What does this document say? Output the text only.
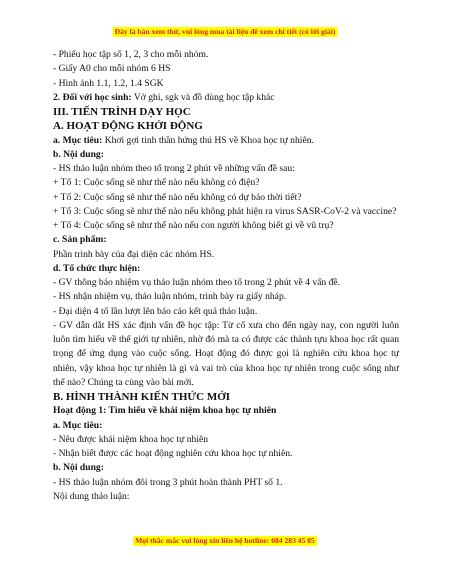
Đây là bản xem thử, vui lòng mua tài liệu để xem chi tiết (có lời giải)
- Phiếu học tập số 1, 2, 3 cho mỗi nhóm.
- Giấy A0 cho mỗi nhóm 6 HS
- Hình ảnh 1.1, 1.2, 1.4 SGK
2. Đối với học sinh: Vở ghi, sgk và đồ dùng học tập khác
III. TIẾN TRÌNH DẠY HỌC
A. HOẠT ĐỘNG KHỞI ĐỘNG
a. Mục tiêu: Khơi gợi tinh thần hứng thú HS về Khoa học tự nhiên.
b. Nội dung:
- HS thảo luận nhóm theo tổ trong 2 phút về những vấn đề sau:
+ Tổ 1: Cuộc sống sẽ như thế nào nếu không có điện?
+ Tổ 2: Cuộc sống sẽ như thế nào nếu không có dự báo thời tiết?
+ Tổ 3: Cuộc sống sẽ như thế nào nếu không phát hiện ra virus SASR-CoV-2 và vaccine?
+ Tổ 4: Cuộc sống sẽ như thế nào nếu con người không biết gì về vũ trụ?
c. Sản phẩm:
Phần trình bày của đại diện các nhóm HS.
d. Tổ chức thực hiện:
- GV thông báo nhiệm vụ thảo luận nhóm theo tổ trong 2 phút về 4 vấn đề.
- HS nhận nhiệm vụ, thảo luận nhóm, trình bày ra giấy nháp.
- Đại diện 4 tổ lần lượt lên báo cáo kết quả thảo luận.
- GV dẫn dắt HS xác định vấn đề học tập: Từ cổ xưa cho đến ngày nay, con người luôn luôn tìm hiểu về thế giới tự nhiên, nhờ đó mà ta có được các thành tựu khoa học rất quan trọng để ứng dụng vào cuộc sống. Hoạt động đó được gọi là nghiên cứu khoa học tự nhiên, vậy khoa học tự nhiên là gì và vai trò của khoa học tự nhiên trong cuộc sống như thế nào? Chúng ta cùng vào bài mới.
B. HÌNH THÀNH KIẾN THỨC MỚI
Hoạt động 1: Tìm hiểu về khái niệm khoa học tự nhiên
a. Mục tiêu:
- Nêu được khái niệm khoa học tự nhiên
- Nhận biết được các hoạt động nghiên cứu khoa học tự nhiên.
b. Nội dung:
- HS thảo luận nhóm đôi trong 3 phút hoàn thành PHT số 1.
Nội dung thảo luận:
Mọi thắc mắc vui lòng xin liên hệ hotline: 084 283 45 85
